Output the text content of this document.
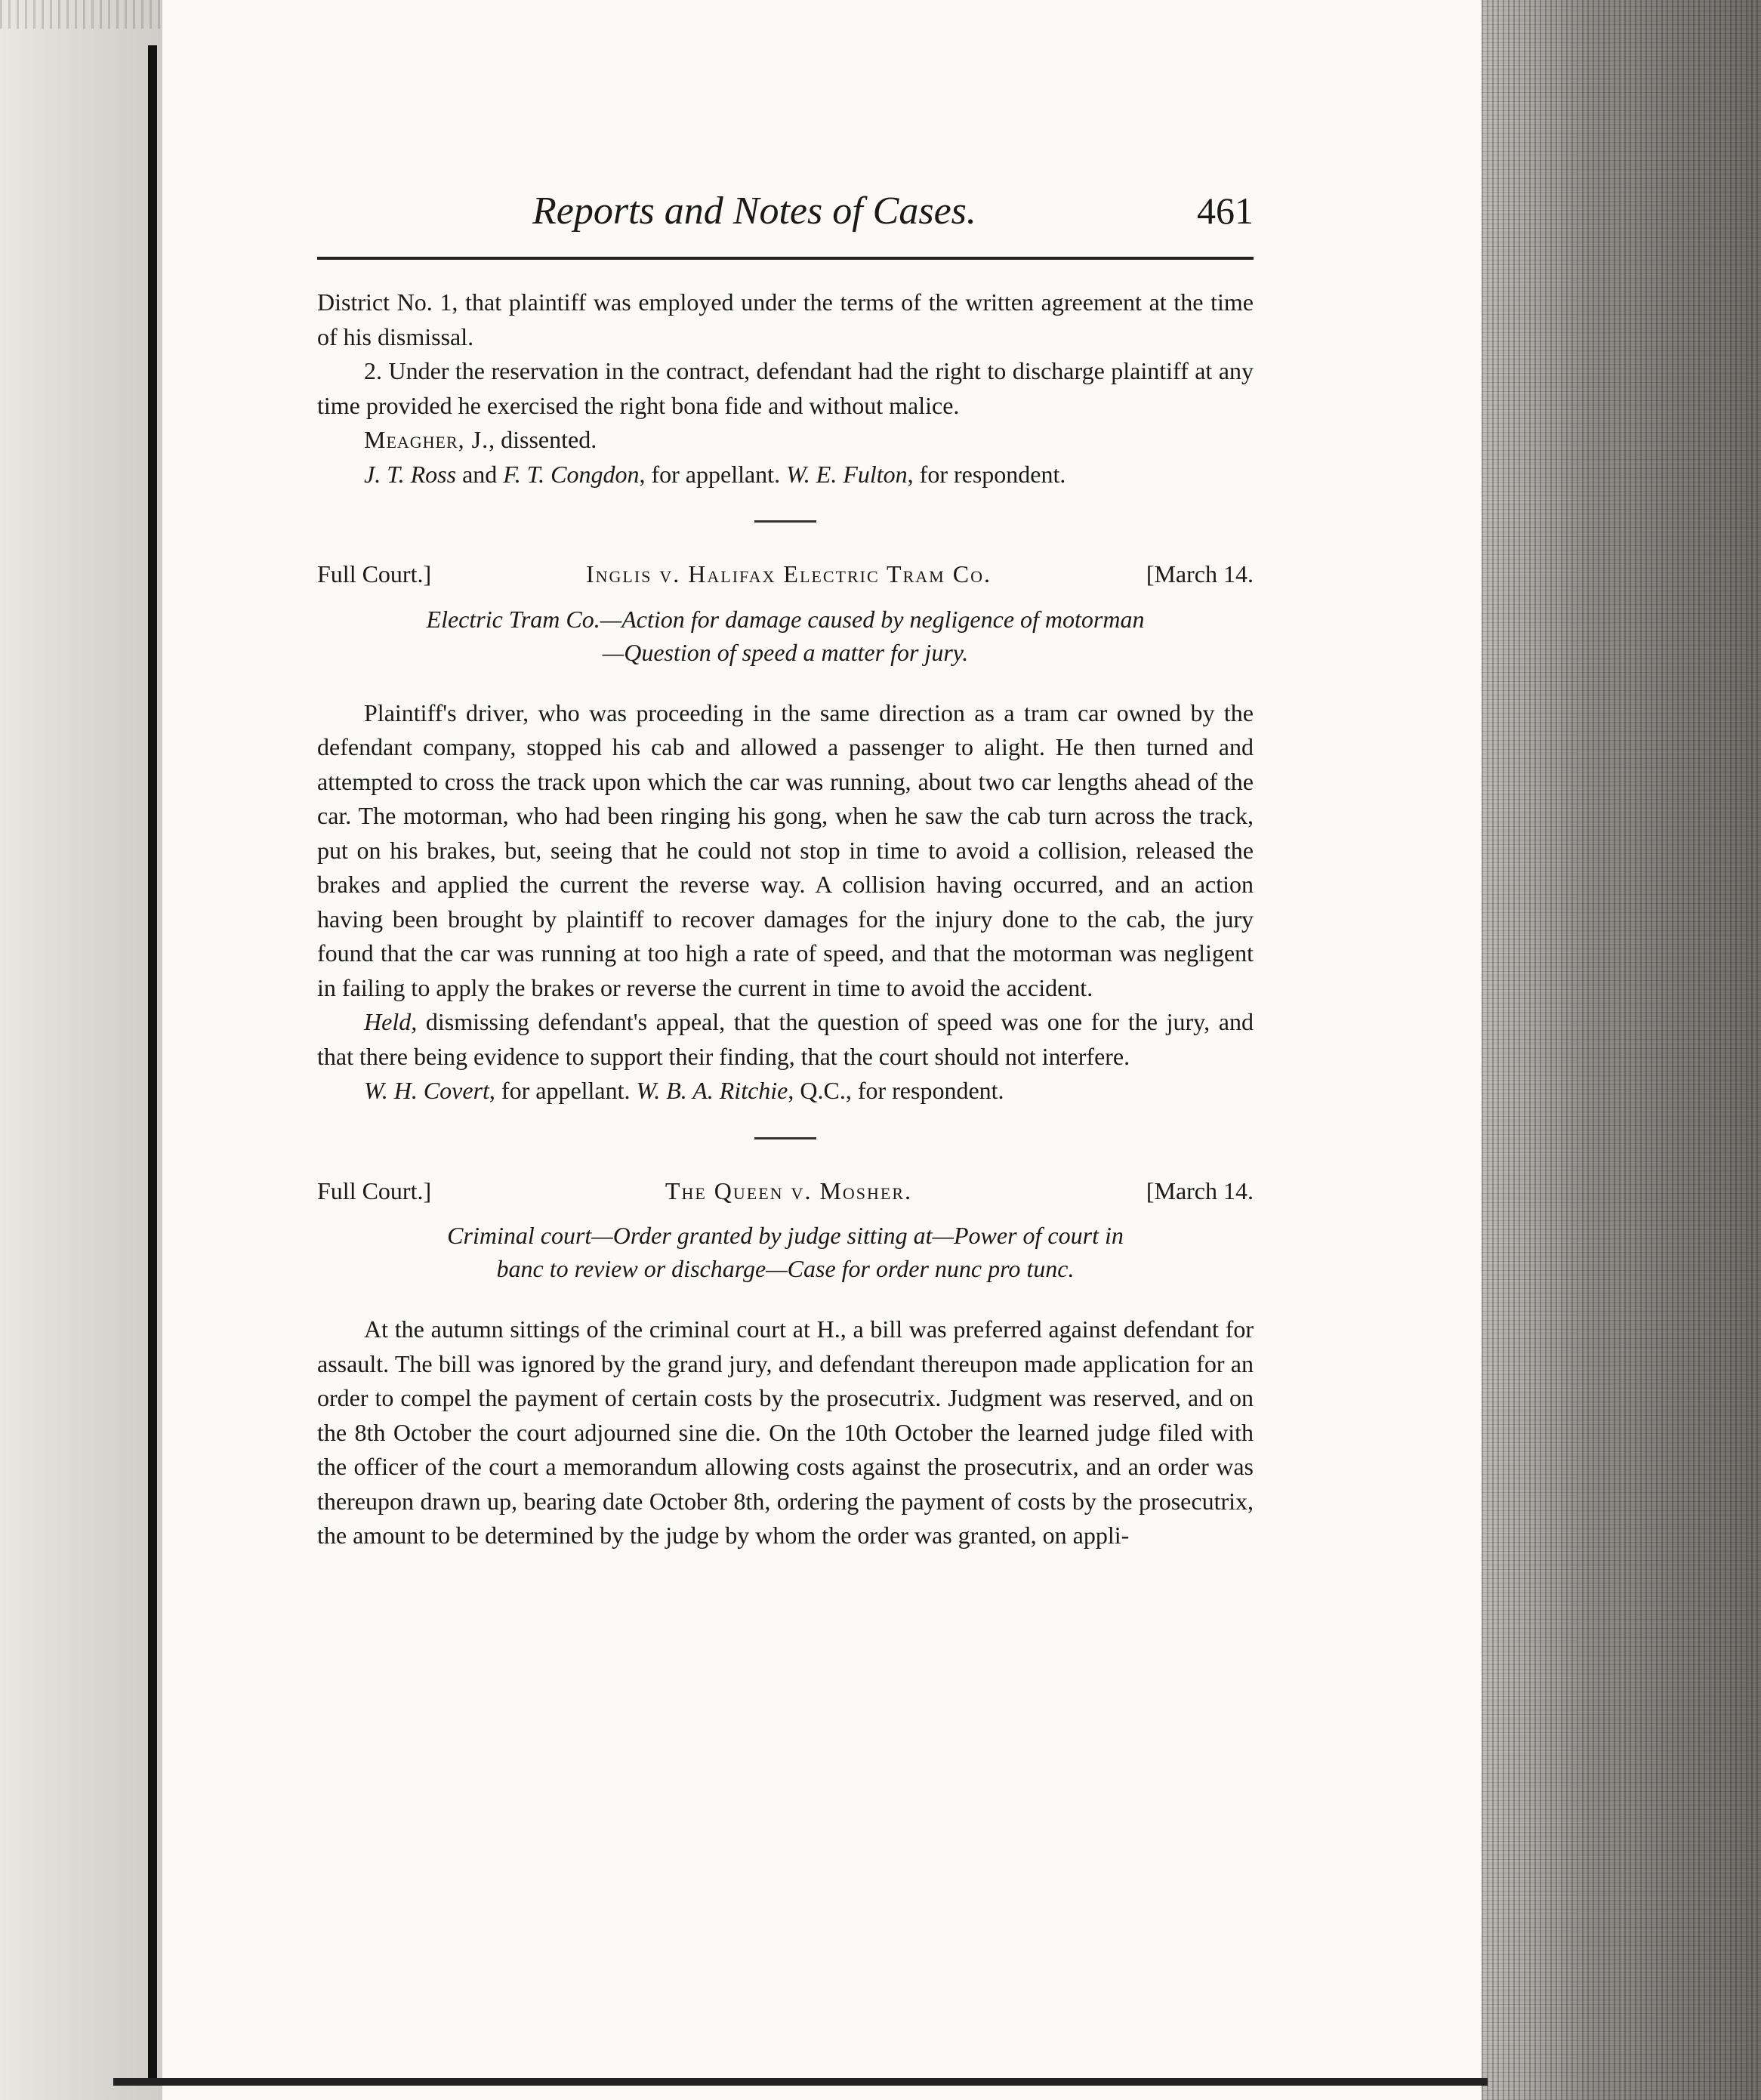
Reports and Notes of Cases.	461

District No. 1, that plaintiff was employed under the terms of the written agreement at the time of his dismissal.

2. Under the reservation in the contract, defendant had the right to discharge plaintiff at any time provided he exercised the right bona fide and without malice.

Meagher, J., dissented.

J. T. Ross and F. T. Congdon, for appellant. W. E. Fulton, for respondent.

Full Court.]	Inglis v. Halifax Electric Tram Co.	[March 14.
Electric Tram Co.—Action for damage caused by negligence of motorman
—Question of speed a matter for jury.

Plaintiff's driver, who was proceeding in the same direction as a tram car owned by the defendant company, stopped his cab and allowed a passenger to alight. He then turned and attempted to cross the track upon which the car was running, about two car lengths ahead of the car. The motorman, who had been ringing his gong, when he saw the cab turn across the track, put on his brakes, but, seeing that he could not stop in time to avoid a collision, released the brakes and applied the current the reverse way. A collision having occurred, and an action having been brought by plaintiff to recover damages for the injury done to the cab, the jury found that the car was running at too high a rate of speed, and that the motorman was negligent in failing to apply the brakes or reverse the current in time to avoid the accident.

Held, dismissing defendant's appeal, that the question of speed was one for the jury, and that there being evidence to support their finding, that the court should not interfere.

W. H. Covert, for appellant. W. B. A. Ritchie, Q.C., for respondent.

Full Court.]	The Queen v. Mosher.	[March 14.
Criminal court—Order granted by judge sitting at—Power of court in
banc to review or discharge—Case for order nunc pro tunc.

At the autumn sittings of the criminal court at H., a bill was preferred against defendant for assault. The bill was ignored by the grand jury, and defendant thereupon made application for an order to compel the payment of certain costs by the prosecutrix. Judgment was reserved, and on the 8th October the court adjourned sine die. On the 10th October the learned judge filed with the officer of the court a memorandum allowing costs against the prosecutrix, and an order was thereupon drawn up, bearing date October 8th, ordering the payment of costs by the prosecutrix, the amount to be determined by the judge by whom the order was granted, on appli-
